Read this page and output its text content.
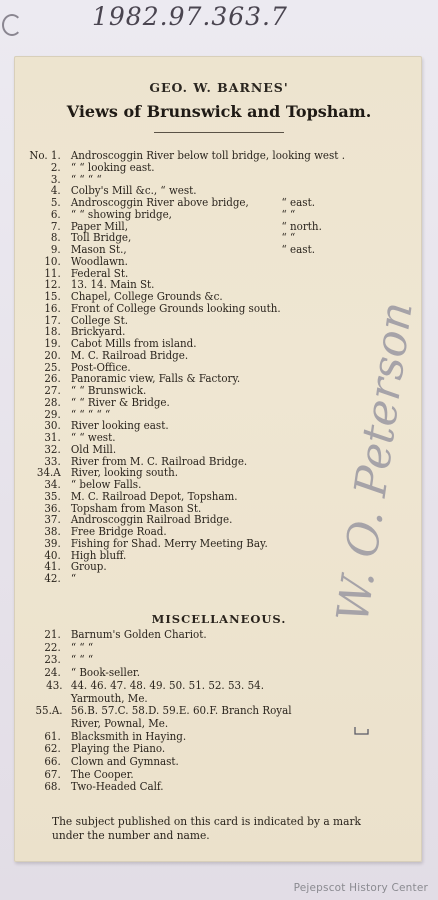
1982.97.363.7
GEO. W. BARNES'
Views of Brunswick and Topsham.
No. 1. Androscoggin River below toll bridge, looking west .
2. “ “ looking east.
3. “ “ “ “
4. Colby's Mill &c., “ west.
5. Androscoggin River above bridge,	“ east.
6. “ “ showing bridge,	“ “
7. Paper Mill,	“ north.
8. Toll Bridge,	“ “
9. Mason St.,	“ east.
10. Woodlawn.
11. Federal St.
12. 13. 14. Main St.
15. Chapel, College Grounds &c.
16. Front of College Grounds looking south.
17. College St.
18. Brickyard.
19. Cabot Mills from island.
20. M. C. Railroad Bridge.
25. Post-Office.
26. Panoramic view, Falls & Factory.
27. “ “ Brunswick.
28. “ “ River & Bridge.
29. “ “ “ “ “
30. River looking east.
31. “ “ west.
32. Old Mill.
33. River from M. C. Railroad Bridge.
34.A River, looking south.
34. “ below Falls.
35. M. C. Railroad Depot, Topsham.
36. Topsham from Mason St.
37. Androscoggin Railroad Bridge.
38. Free Bridge Road.
39. Fishing for Shad. Merry Meeting Bay.
40. High bluff.
41. Group.
42. “
MISCELLANEOUS.
21. Barnum's Golden Chariot.
22. “ “ “
23. “ “ “
24. “ Book-seller.
43. 44. 46. 47. 48. 49. 50. 51. 52. 53. 54.
Yarmouth, Me.
55.A. 56.B. 57.C. 58.D. 59.E. 60.F. Branch Royal
River, Pownal, Me.
61. Blacksmith in Haying.
62. Playing the Piano.
66. Clown and Gymnast.
67. The Cooper.
68. Two-Headed Calf.

The subject published on this card is indicated by a mark under the number and name.

W. O. Peterson
Pejepscot History Center
